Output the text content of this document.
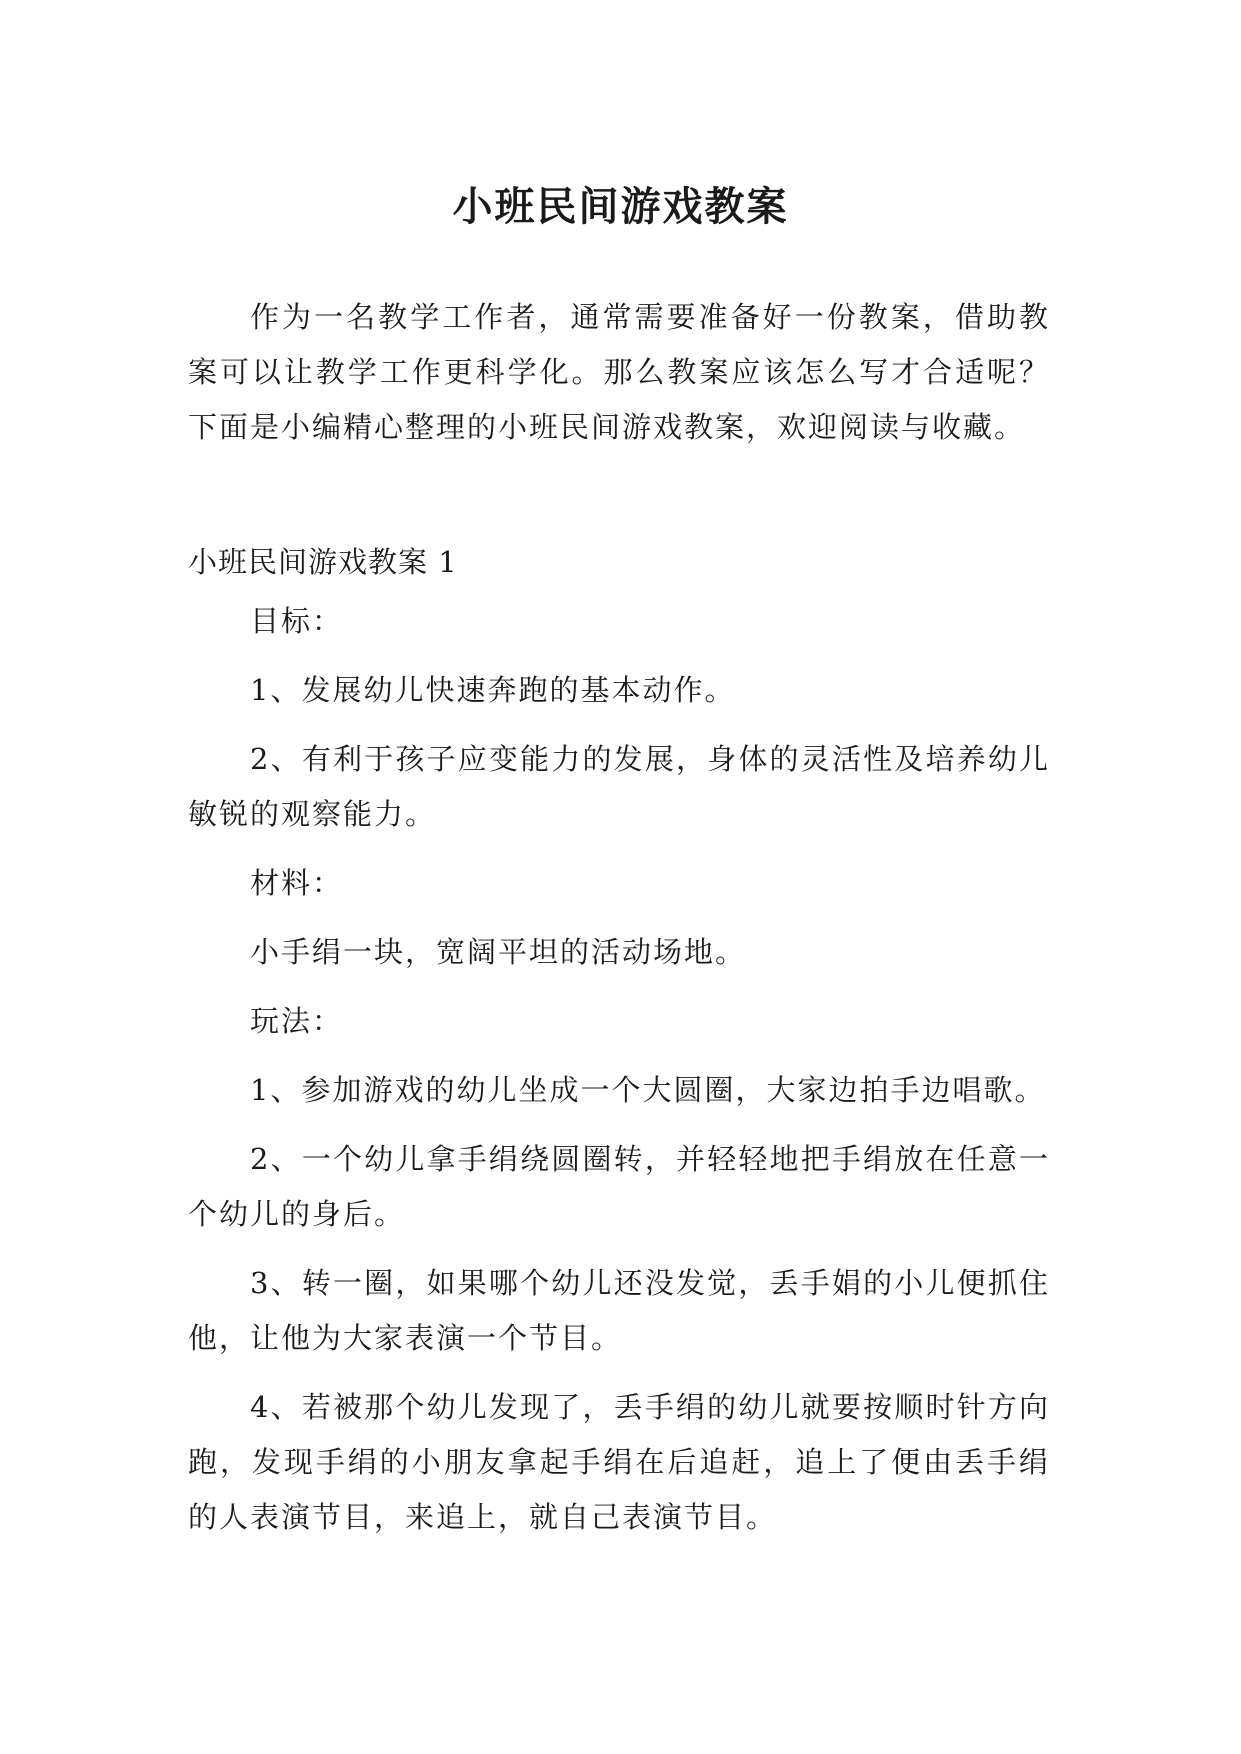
小班民间游戏教案

作为一名教学工作者，通常需要准备好一份教案，借助教案可以让教学工作更科学化。那么教案应该怎么写才合适呢？下面是小编精心整理的小班民间游戏教案，欢迎阅读与收藏。

小班民间游戏教案 1

目标：

1、发展幼儿快速奔跑的基本动作。

2、有利于孩子应变能力的发展，身体的灵活性及培养幼儿敏锐的观察能力。

材料：

小手绢一块，宽阔平坦的活动场地。

玩法：

1、参加游戏的幼儿坐成一个大圆圈，大家边拍手边唱歌。

2、一个幼儿拿手绢绕圆圈转，并轻轻地把手绢放在任意一个幼儿的身后。

3、转一圈，如果哪个幼儿还没发觉，丢手娟的小儿便抓住他，让他为大家表演一个节目。

4、若被那个幼儿发现了，丢手绢的幼儿就要按顺时针方向跑，发现手绢的小朋友拿起手绢在后追赶，追上了便由丢手绢的人表演节目，来追上，就自己表演节目。
